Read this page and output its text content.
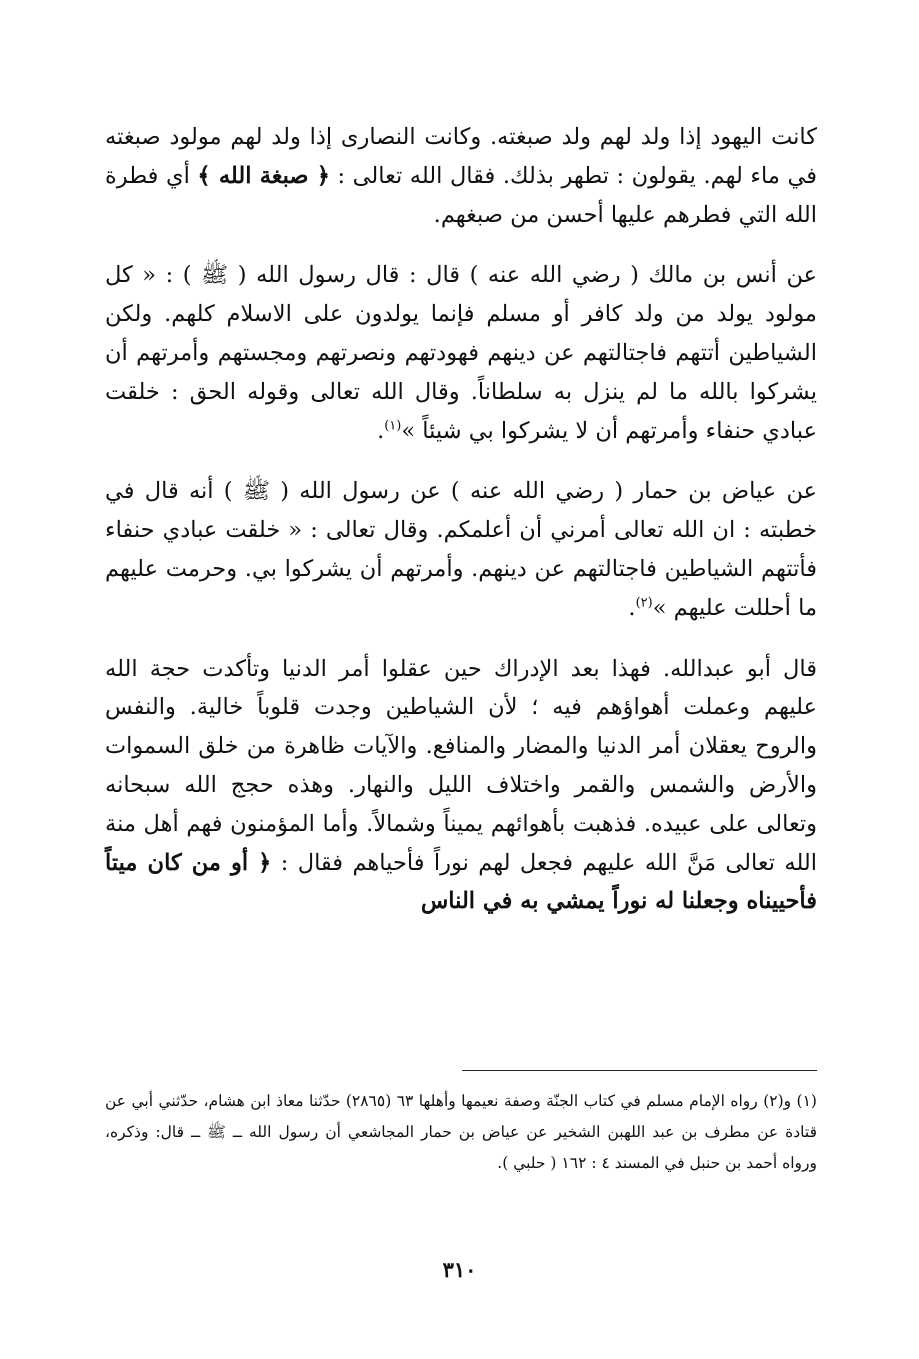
كانت اليهود إذا ولد لهم ولد صبغته. وكانت النصارى إذا ولد لهم مولود صبغته في ماء لهم. يقولون : تطهر بذلك. فقال الله تعالى : ﴿ صبغة الله ﴾ أي فطرة الله التي فطرهم عليها أحسن من صبغهم.

عن أنس بن مالك ( رضي الله عنه ) قال : قال رسول الله ( ﷺ ) : « كل مولود يولد من ولد كافر أو مسلم فإنما يولدون على الاسلام كلهم. ولكن الشياطين أتتهم فاجتالتهم عن دينهم فهودتهم ونصرتهم ومجستهم وأمرتهم أن يشركوا بالله ما لم ينزل به سلطاناً. وقال الله تعالى وقوله الحق : خلقت عبادي حنفاء وأمرتهم أن لا يشركوا بي شيئاً »$^{(١)}$.

عن عياض بن حمار ( رضي الله عنه ) عن رسول الله ( ﷺ ) أنه قال في خطبته : ان الله تعالى أمرني أن أعلمكم. وقال تعالى : « خلقت عبادي حنفاء فأتتهم الشياطين فاجتالتهم عن دينهم. وأمرتهم أن يشركوا بي. وحرمت عليهم ما أحللت عليهم »$^{(٢)}$.

قال أبو عبدالله. فهذا بعد الإدراك حين عقلوا أمر الدنيا وتأكدت حجة الله عليهم وعملت أهواؤهم فيه ؛ لأن الشياطين وجدت قلوباً خالية. والنفس والروح يعقلان أمر الدنيا والمضار والمنافع. والآيات ظاهرة من خلق السموات والأرض والشمس والقمر واختلاف الليل والنهار. وهذه حجج الله سبحانه وتعالى على عبيده. فذهبت بأهوائهم يميناً وشمالاً. وأما المؤمنون فهم أهل منة الله تعالى مَنَّ الله عليهم فجعل لهم نوراً فأحياهم فقال : ﴿ أو من كان ميتاً فأحييناه وجعلنا له نوراً يمشي به في الناس

(١) و(٢) رواه الإمام مسلم في كتاب الجنّة وصفة نعيمها وأهلها ٦٣ (٢٨٦٥) حدّثنا معاذ ابن هشام، حدّثني أبي عن قتادة عن مطرف بن عبد اللهبن الشخير عن عياض بن حمار المجاشعي أن رسول الله ــ ﷺ ــ قال: وذكره، ورواه أحمد بن حنبل في المسند ٤ : ١٦٢ ( حلبي ).
٣١٠
